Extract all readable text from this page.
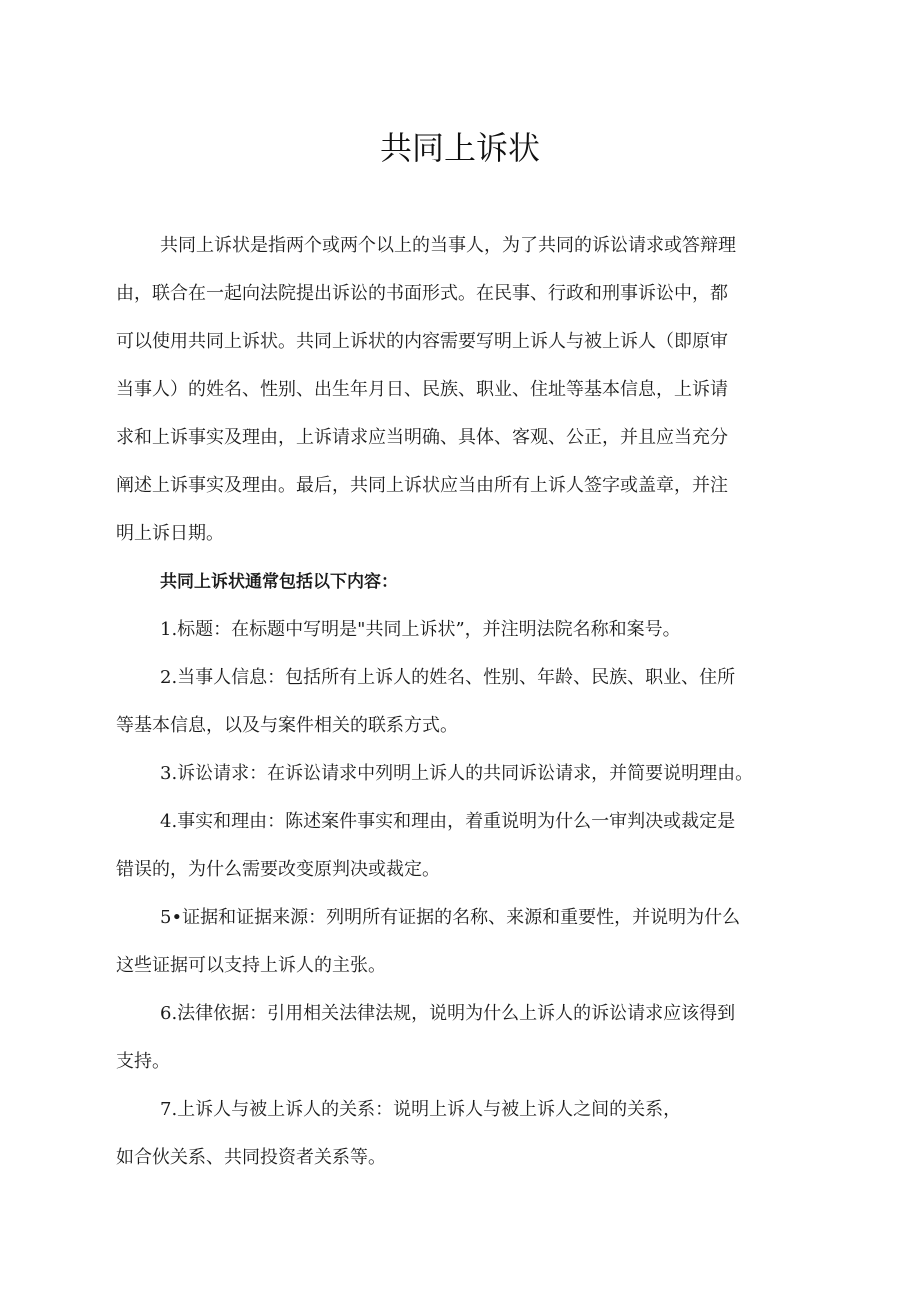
共同上诉状
共同上诉状是指两个或两个以上的当事人，为了共同的诉讼请求或答辩理
由，联合在一起向法院提出诉讼的书面形式。在民事、行政和刑事诉讼中，都
可以使用共同上诉状。共同上诉状的内容需要写明上诉人与被上诉人（即原审
当事人）的姓名、性别、出生年月日、民族、职业、住址等基本信息，上诉请
求和上诉事实及理由，上诉请求应当明确、具体、客观、公正，并且应当充分
阐述上诉事实及理由。最后，共同上诉状应当由所有上诉人签字或盖章，并注
明上诉日期。
共同上诉状通常包括以下内容：
1.标题：在标题中写明是"共同上诉状”，并注明法院名称和案号。
2.当事人信息：包括所有上诉人的姓名、性别、年龄、民族、职业、住所
等基本信息，以及与案件相关的联系方式。
3.诉讼请求：在诉讼请求中列明上诉人的共同诉讼请求，并简要说明理由。
4.事实和理由：陈述案件事实和理由，着重说明为什么一审判决或裁定是
错误的，为什么需要改变原判决或裁定。
5•证据和证据来源：列明所有证据的名称、来源和重要性，并说明为什么
这些证据可以支持上诉人的主张。
6.法律依据：引用相关法律法规，说明为什么上诉人的诉讼请求应该得到
支持。
7.上诉人与被上诉人的关系：说明上诉人与被上诉人之间的关系，
如合伙关系、共同投资者关系等。
